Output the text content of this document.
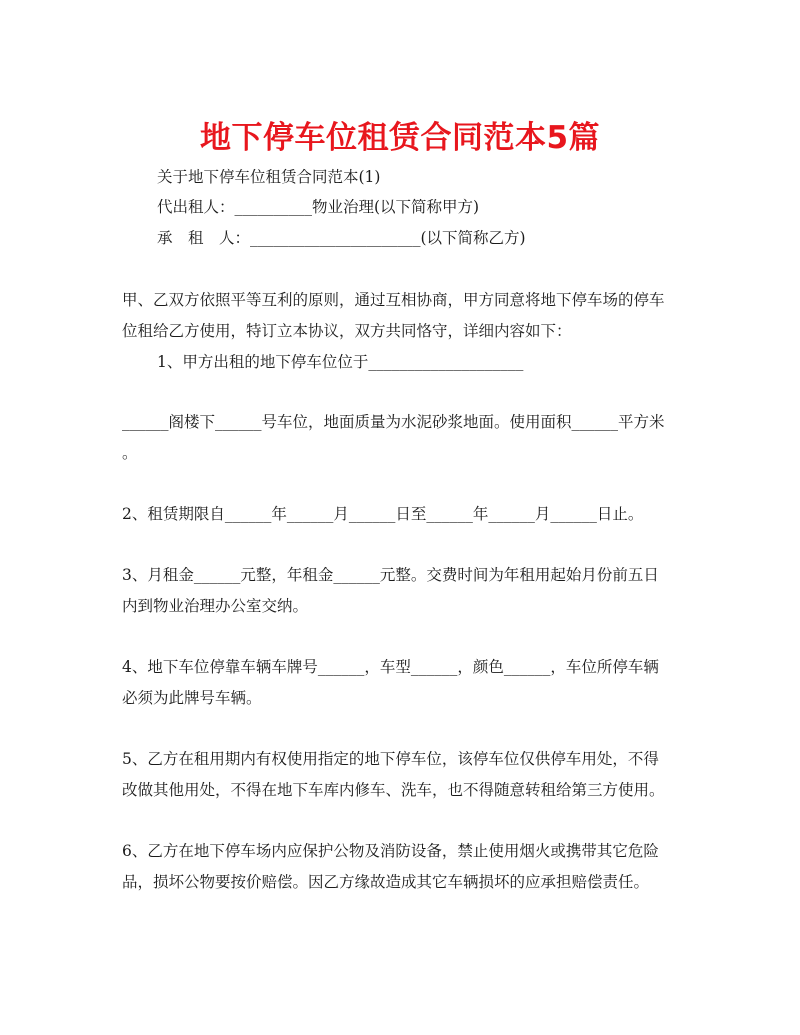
地下停车位租赁合同范本5篇

关于地下停车位租赁合同范本(1)

代出租人：__________物业治理(以下简称甲方)

承　租　人：______________________(以下简称乙方)

甲、乙双方依照平等互利的原则，通过互相协商，甲方同意将地下停车场的停车

位租给乙方使用，特订立本协议，双方共同恪守，详细内容如下：

1、甲方出租的地下停车位位于____________________

______阁楼下______号车位，地面质量为水泥砂浆地面。使用面积______平方米

。

2、租赁期限自______年______月______日至______年______月______日止。

3、月租金______元整，年租金______元整。交费时间为年租用起始月份前五日

内到物业治理办公室交纳。

4、地下车位停靠车辆车牌号______，车型______，颜色______，车位所停车辆

必须为此牌号车辆。

5、乙方在租用期内有权使用指定的地下停车位，该停车位仅供停车用处，不得

改做其他用处，不得在地下车库内修车、洗车，也不得随意转租给第三方使用。

6、乙方在地下停车场内应保护公物及消防设备，禁止使用烟火或携带其它危险

品，损坏公物要按价赔偿。因乙方缘故造成其它车辆损坏的应承担赔偿责任。
